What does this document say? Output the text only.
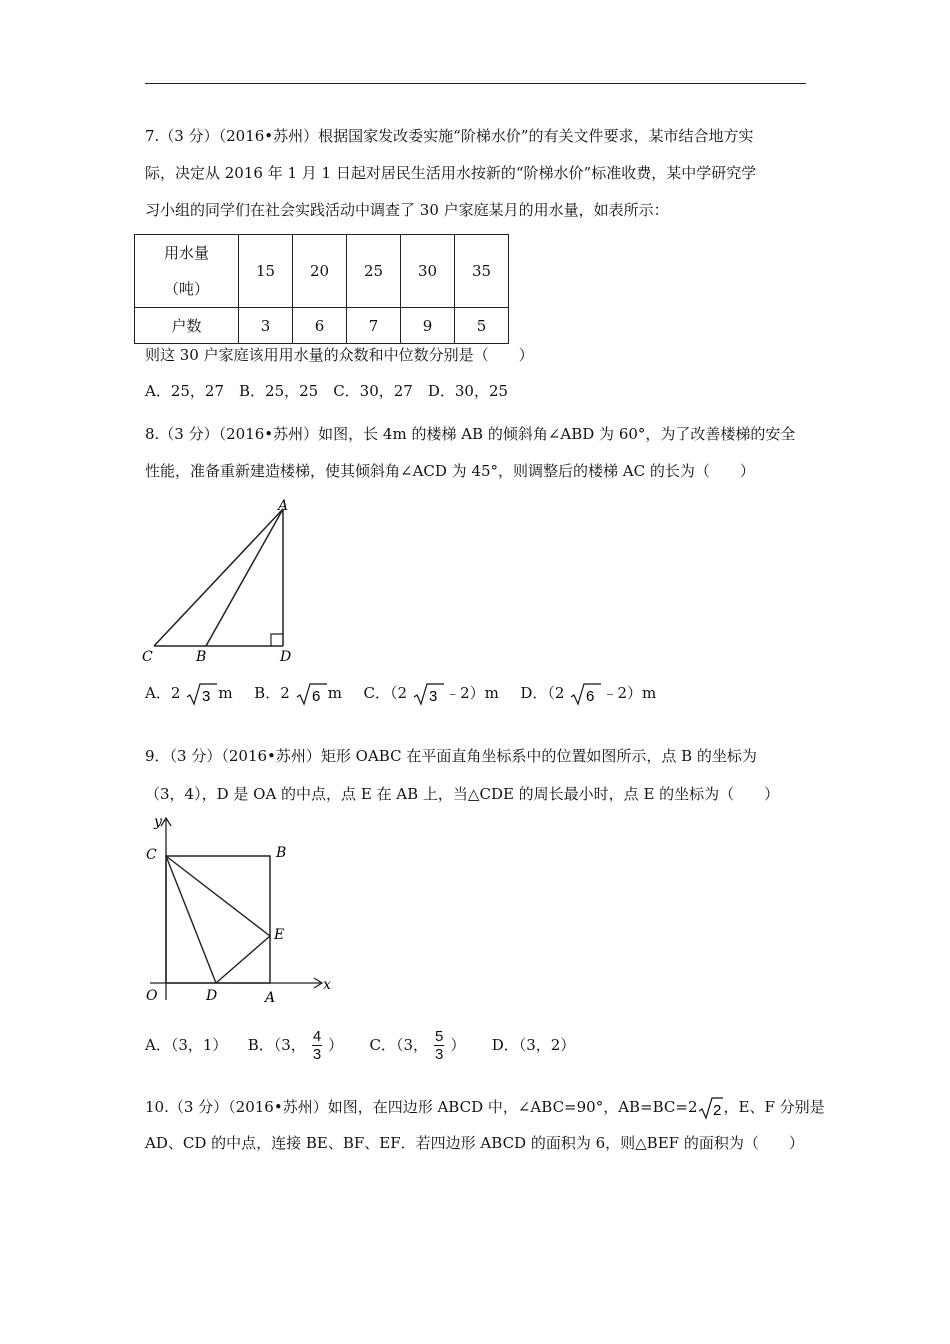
7.（3 分）（2016•苏州）根据国家发改委实施“阶梯水价”的有关文件要求，某市结合地方实
际，决定从 2016 年 1 月 1 日起对居民生活用水按新的“阶梯水价”标准收费，某中学研究学
习小组的同学们在社会实践活动中调查了 30 户家庭某月的用水量，如表所示：
用水量
（吨）	15	20	25	30	35
户数	3	6	7	9	5
则这 30 户家庭该用用水量的众数和中位数分别是（　　）
A．25，27　B．25，25　C．30，27　D．30，25
8.（3 分）（2016•苏州）如图，长 4m 的楼梯 AB 的倾斜角∠ABD 为 60°，为了改善楼梯的安全
性能，准备重新建造楼梯，使其倾斜角∠ACD 为 45°，则调整后的楼梯 AC 的长为（　　）
A
C	B	D
A．2 3 m B．2 6 m C．（2 3 ﹣2）m D．（2 6 ﹣2）m
9．（3 分）（2016•苏州）矩形 OABC 在平面直角坐标系中的位置如图所示，点 B 的坐标为
（3，4），D 是 OA 的中点，点 E 在 AB 上，当△CDE 的周长最小时，点 E 的坐标为（　　）
y
x
O	A
B
C
D
E
A．（3，1） B．（3， $\frac{4}{3}$ ） C．（3， $\frac{5}{3}$ ） D．（3，2）
10.（3 分）（2016•苏州）如图，在四边形 ABCD 中，∠ABC=90°，AB=BC=2 2 ，E、F 分别是
AD、CD 的中点，连接 BE、BF、EF．若四边形 ABCD 的面积为 6，则△BEF 的面积为（　　）
